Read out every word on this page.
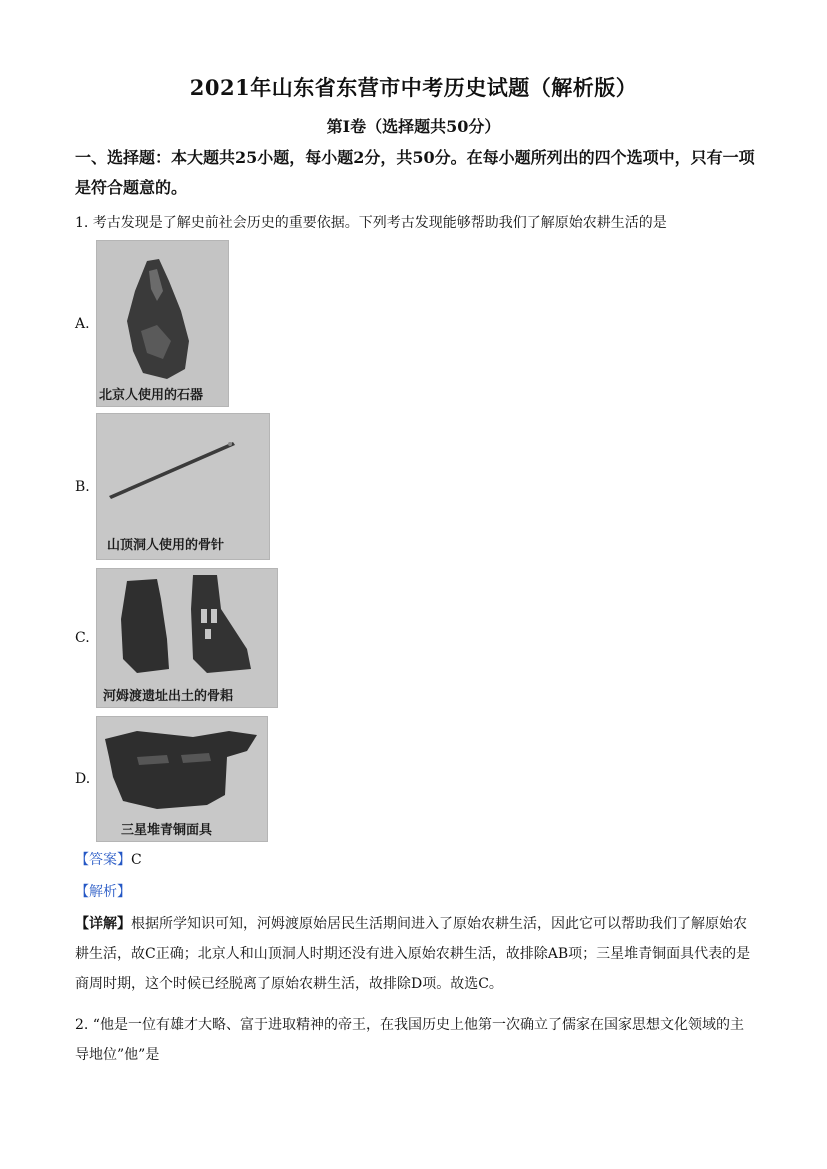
2021年山东省东营市中考历史试题（解析版）
第Ⅰ卷（选择题共50分）
一、选择题：本大题共25小题，每小题2分，共50分。在每小题所列出的四个选项中，只有一项是符合题意的。
1. 考古发现是了解史前社会历史的重要依据。下列考古发现能够帮助我们了解原始农耕生活的是
A.
北京人使用的石器
B.
山顶洞人使用的骨针
C.
河姆渡遗址出土的骨耜
D.
三星堆青铜面具
【答案】C
【解析】
【详解】根据所学知识可知，河姆渡原始居民生活期间进入了原始农耕生活，因此它可以帮助我们了解原始农耕生活，故C正确；北京人和山顶洞人时期还没有进入原始农耕生活，故排除AB项；三星堆青铜面具代表的是商周时期，这个时候已经脱离了原始农耕生活，故排除D项。故选C。
2. “他是一位有雄才大略、富于进取精神的帝王，在我国历史上他第一次确立了儒家在国家思想文化领域的主导地位”他”是
